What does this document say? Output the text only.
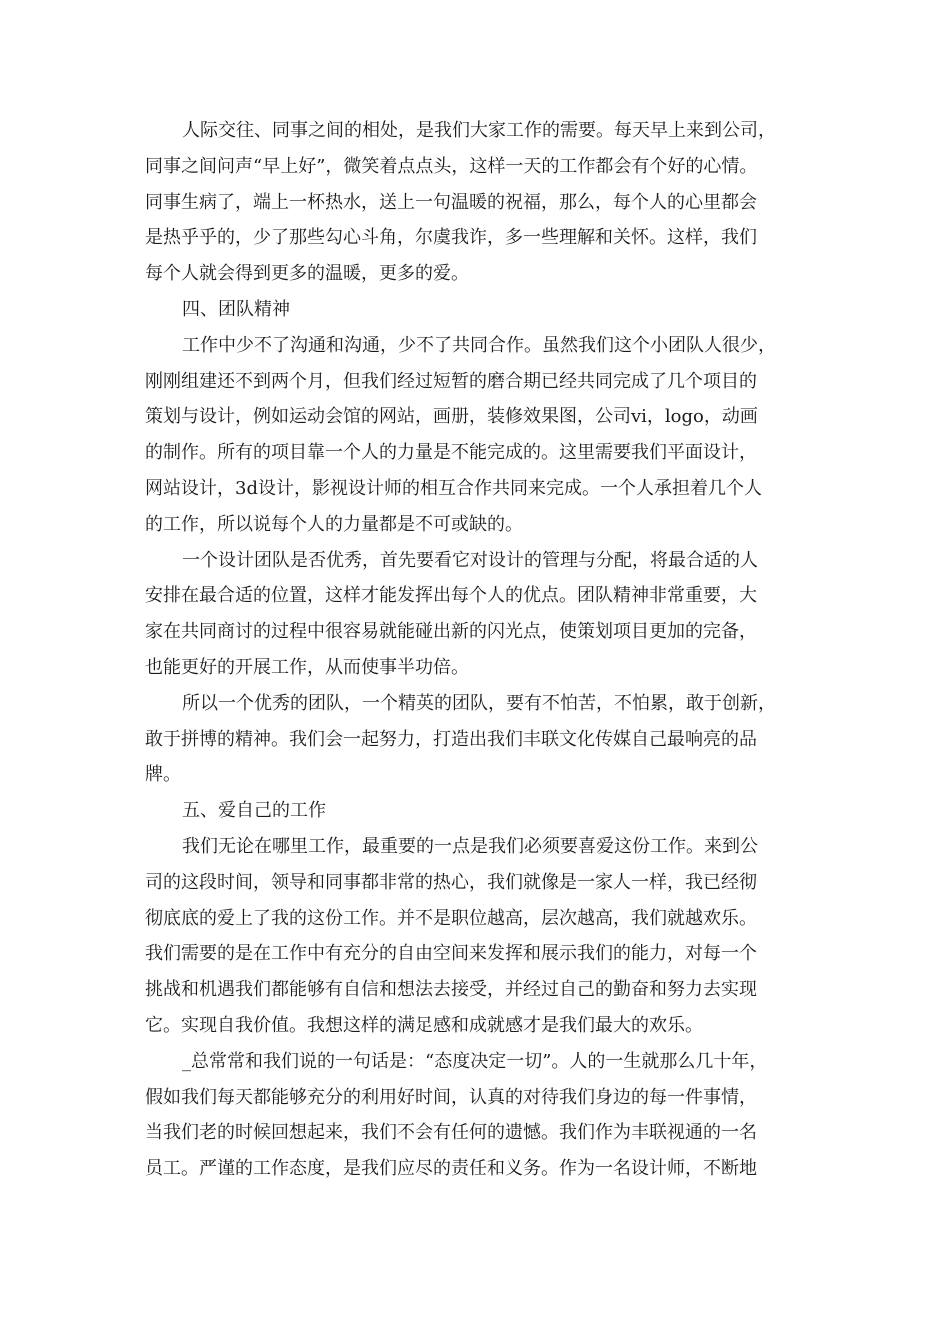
人际交往、同事之间的相处，是我们大家工作的需要。每天早上来到公司，
同事之间问声“早上好”，微笑着点点头，这样一天的工作都会有个好的心情。
同事生病了，端上一杯热水，送上一句温暖的祝福，那么，每个人的心里都会
是热乎乎的，少了那些勾心斗角，尔虞我诈，多一些理解和关怀。这样，我们
每个人就会得到更多的温暖，更多的爱。
四、团队精神
工作中少不了沟通和沟通，少不了共同合作。虽然我们这个小团队人很少，
刚刚组建还不到两个月，但我们经过短暂的磨合期已经共同完成了几个项目的
策划与设计，例如运动会馆的网站，画册，装修效果图，公司vi，logo，动画
的制作。所有的项目靠一个人的力量是不能完成的。这里需要我们平面设计，
网站设计，3d设计，影视设计师的相互合作共同来完成。一个人承担着几个人
的工作，所以说每个人的力量都是不可或缺的。
一个设计团队是否优秀，首先要看它对设计的管理与分配，将最合适的人
安排在最合适的位置，这样才能发挥出每个人的优点。团队精神非常重要，大
家在共同商讨的过程中很容易就能碰出新的闪光点，使策划项目更加的完备，
也能更好的开展工作，从而使事半功倍。
所以一个优秀的团队，一个精英的团队，要有不怕苦，不怕累，敢于创新，
敢于拼博的精神。我们会一起努力，打造出我们丰联文化传媒自己最响亮的品
牌。
五、爱自己的工作
我们无论在哪里工作，最重要的一点是我们必须要喜爱这份工作。来到公
司的这段时间，领导和同事都非常的热心，我们就像是一家人一样，我已经彻
彻底底的爱上了我的这份工作。并不是职位越高，层次越高，我们就越欢乐。
我们需要的是在工作中有充分的自由空间来发挥和展示我们的能力，对每一个
挑战和机遇我们都能够有自信和想法去接受，并经过自己的勤奋和努力去实现
它。实现自我价值。我想这样的满足感和成就感才是我们最大的欢乐。
_总常常和我们说的一句话是：“态度决定一切”。人的一生就那么几十年，
假如我们每天都能够充分的利用好时间，认真的对待我们身边的每一件事情，
当我们老的时候回想起来，我们不会有任何的遗憾。我们作为丰联视通的一名
员工。严谨的工作态度，是我们应尽的责任和义务。作为一名设计师，不断地
